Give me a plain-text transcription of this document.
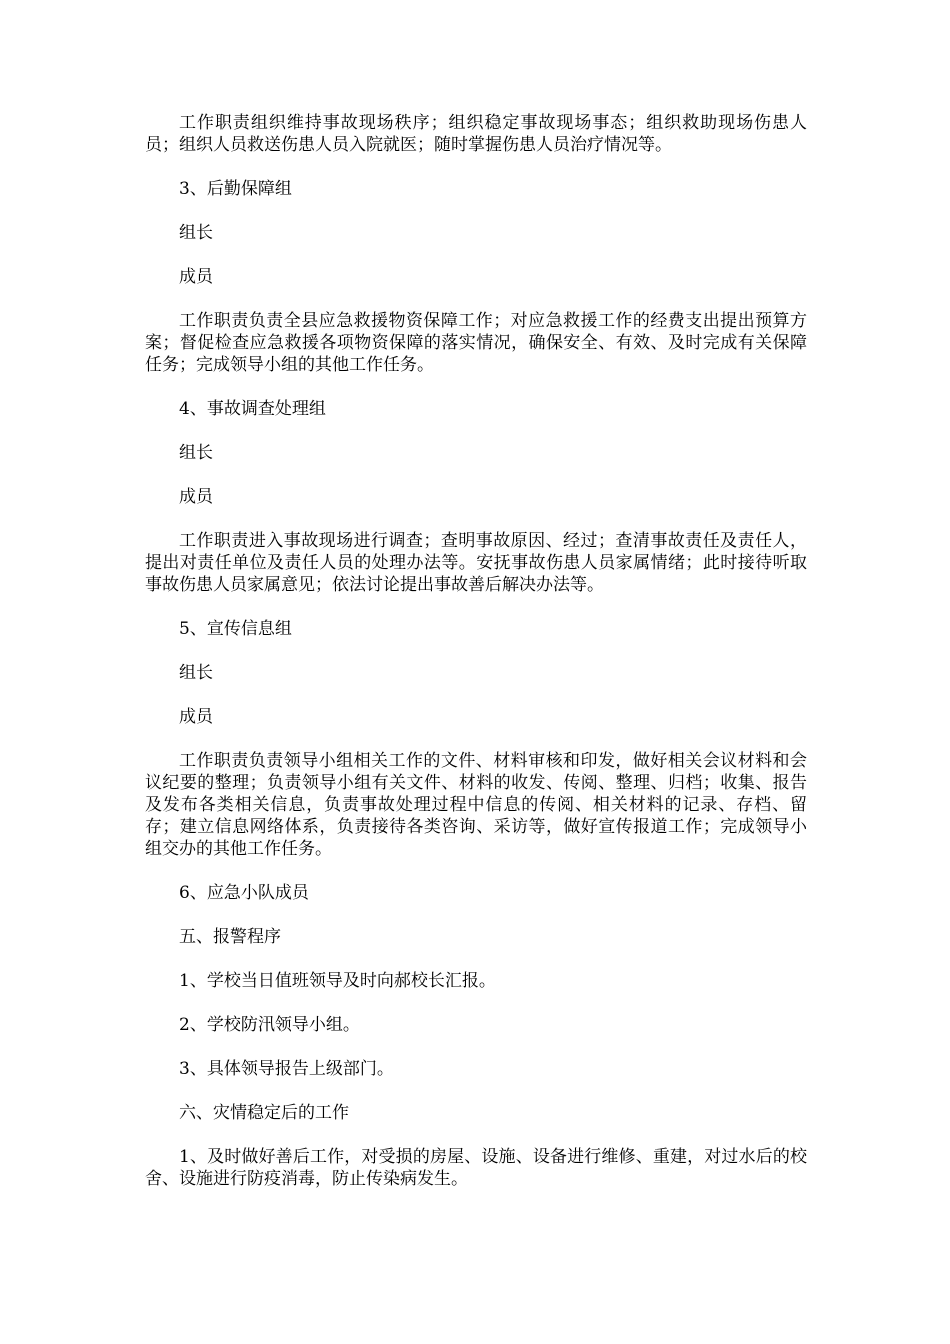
工作职责组织维持事故现场秩序；组织稳定事故现场事态；组织救助现场伤患人员；组织人员救送伤患人员入院就医；随时掌握伤患人员治疗情况等。

3、后勤保障组

组长

成员

工作职责负责全县应急救援物资保障工作；对应急救援工作的经费支出提出预算方案；督促检查应急救援各项物资保障的落实情况，确保安全、有效、及时完成有关保障任务；完成领导小组的其他工作任务。

4、事故调查处理组

组长

成员

工作职责进入事故现场进行调查；查明事故原因、经过；查清事故责任及责任人，提出对责任单位及责任人员的处理办法等。安抚事故伤患人员家属情绪；此时接待听取事故伤患人员家属意见；依法讨论提出事故善后解决办法等。

5、宣传信息组

组长

成员

工作职责负责领导小组相关工作的文件、材料审核和印发，做好相关会议材料和会议纪要的整理；负责领导小组有关文件、材料的收发、传阅、整理、归档；收集、报告及发布各类相关信息，负责事故处理过程中信息的传阅、相关材料的记录、存档、留存；建立信息网络体系，负责接待各类咨询、采访等，做好宣传报道工作；完成领导小组交办的其他工作任务。

6、应急小队成员

五、报警程序

1、学校当日值班领导及时向郝校长汇报。

2、学校防汛领导小组。

3、具体领导报告上级部门。

六、灾情稳定后的工作

1、及时做好善后工作，对受损的房屋、设施、设备进行维修、重建，对过水后的校舍、设施进行防疫消毒，防止传染病发生。
